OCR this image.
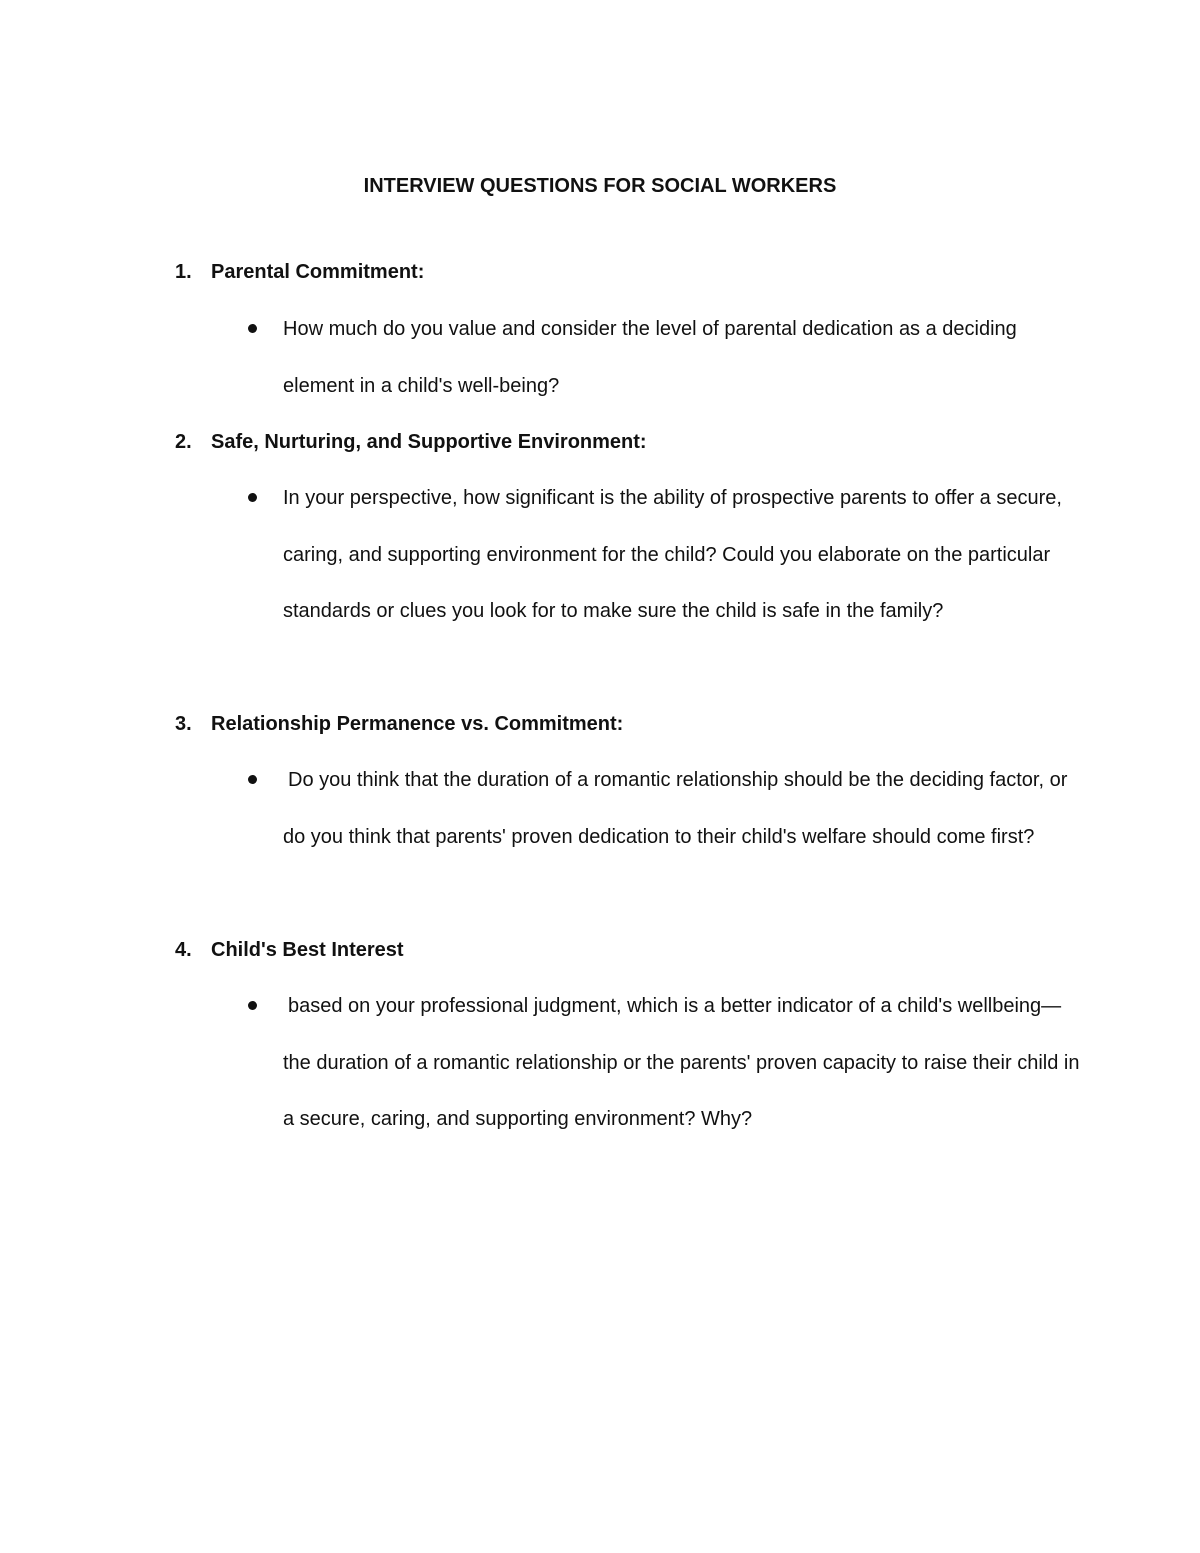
INTERVIEW QUESTIONS FOR SOCIAL WORKERS
1. Parental Commitment:
How much do you value and consider the level of parental dedication as a deciding element in a child's well-being?
2. Safe, Nurturing, and Supportive Environment:
In your perspective, how significant is the ability of prospective parents to offer a secure, caring, and supporting environment for the child? Could you elaborate on the particular standards or clues you look for to make sure the child is safe in the family?
3. Relationship Permanence vs. Commitment:
Do you think that the duration of a romantic relationship should be the deciding factor, or do you think that parents' proven dedication to their child's welfare should come first?
4. Child's Best Interest
based on your professional judgment, which is a better indicator of a child's wellbeing—the duration of a romantic relationship or the parents' proven capacity to raise their child in a secure, caring, and supporting environment? Why?
